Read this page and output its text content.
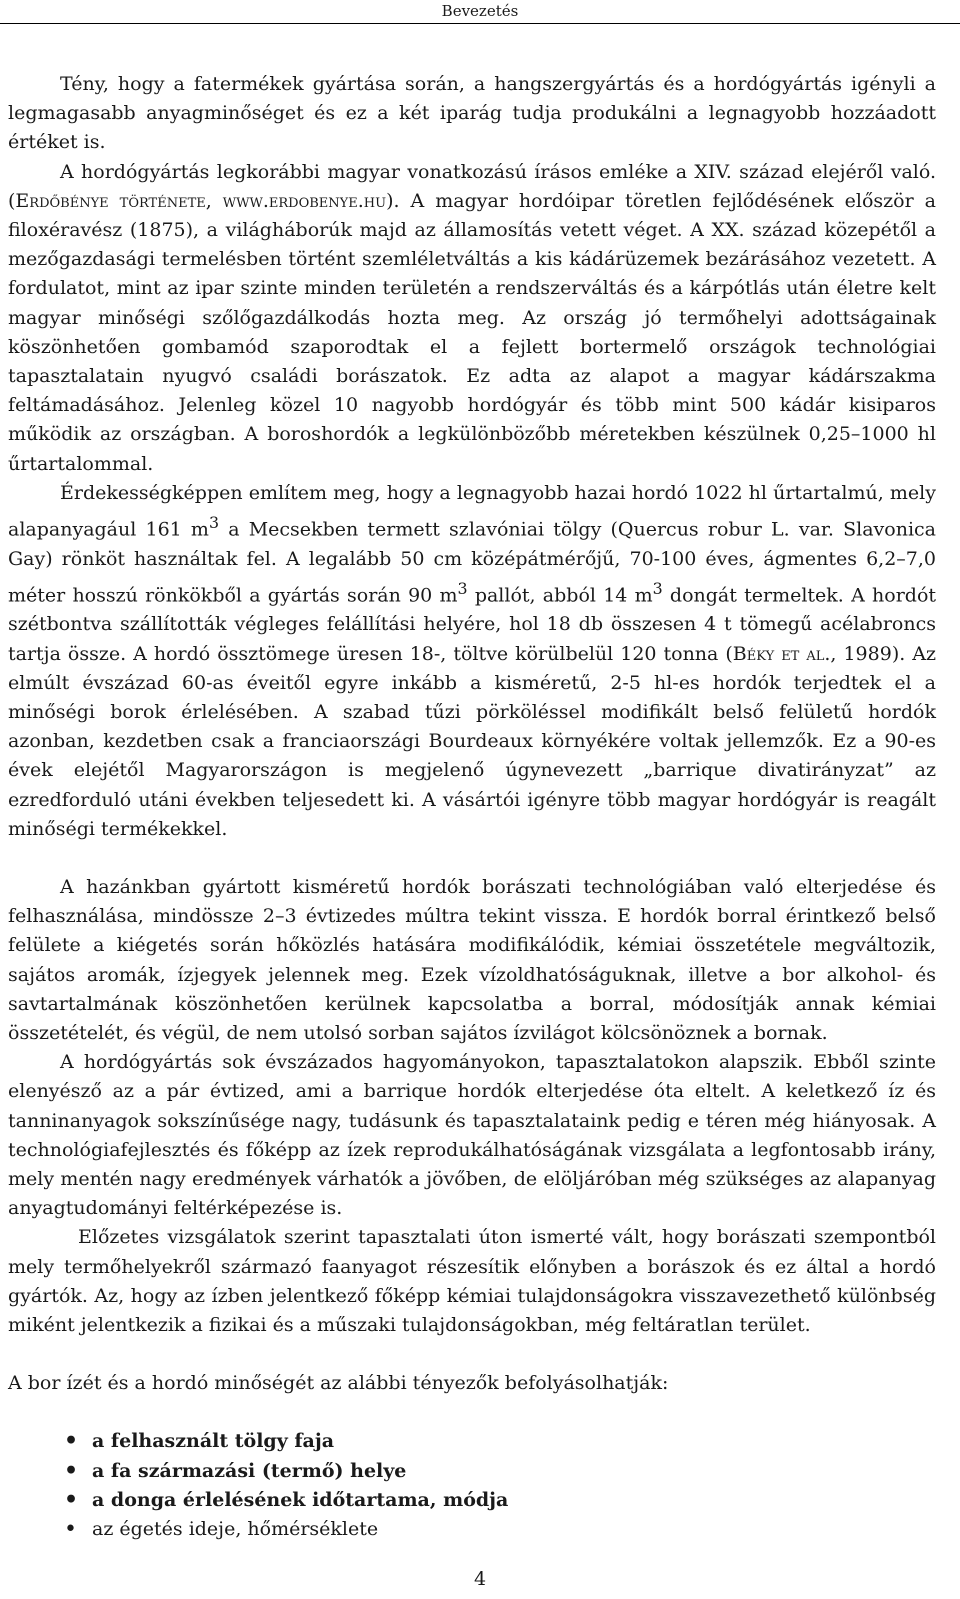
Bevezetés

Tény, hogy a fatermékek gyártása során, a hangszergyártás és a hordógyártás igényli a legmagasabb anyagminőséget és ez a két iparág tudja produkálni a legnagyobb hozzáadott értéket is.

A hordógyártás legkorábbi magyar vonatkozású írásos emléke a XIV. század elejéről való. (Erdőbénye története, www.erdobenye.hu). A magyar hordóipar töretlen fejlődésének először a filoxéravész (1875), a világháborúk majd az államosítás vetett véget. A XX. század közepétől a mezőgazdasági termelésben történt szemléletváltás a kis kádárüzemek bezárásához vezetett. A fordulatot, mint az ipar szinte minden területén a rendszerváltás és a kárpótlás után életre kelt magyar minőségi szőlőgazdálkodás hozta meg. Az ország jó termőhelyi adottságainak köszönhetően gombamód szaporodtak el a fejlett bortermelő országok technológiai tapasztalatain nyugvó családi borászatok. Ez adta az alapot a magyar kádárszakma feltámadásához. Jelenleg közel 10 nagyobb hordógyár és több mint 500 kádár kisiparos működik az országban. A boroshordók a legkülönbözőbb méretekben készülnek 0,25–1000 hl űrtartalommal.

Érdekességképpen említem meg, hogy a legnagyobb hazai hordó 1022 hl űrtartalmú, mely alapanyagául 161 $m^3$ a Mecsekben termett szlavóniai tölgy (Quercus robur L. var. Slavonica Gay) rönköt használtak fel. A legalább 50 cm középátmérőjű, 70-100 éves, ágmentes 6,2–7,0 méter hosszú rönkökből a gyártás során 90 $m^3$ pallót, abból 14 $m^3$ dongát termeltek. A hordót szétbontva szállították végleges felállítási helyére, hol 18 db összesen 4 t tömegű acélabroncs tartja össze. A hordó össztömege üresen 18-, töltve körülbelül 120 tonna (Béky et al., 1989). Az elmúlt évszázad 60-as éveitől egyre inkább a kisméretű, 2-5 hl-es hordók terjedtek el a minőségi borok érlelésében. A szabad tűzi pörköléssel modifikált belső felületű hordók azonban, kezdetben csak a franciaországi Bourdeaux környékére voltak jellemzők. Ez a 90-es évek elejétől Magyarországon is megjelenő úgynevezett „barrique divatirányzat” az ezredforduló utáni években teljesedett ki. A vásártói igényre több magyar hordógyár is reagált minőségi termékekkel.

A hazánkban gyártott kisméretű hordók borászati technológiában való elterjedése és felhasználása, mindössze 2–3 évtizedes múltra tekint vissza. E hordók borral érintkező belső felülete a kiégetés során hőközlés hatására modifikálódik, kémiai összetétele megváltozik, sajátos aromák, ízjegyek jelennek meg. Ezek vízoldhatóságuknak, illetve a bor alkohol- és savtartalmának köszönhetően kerülnek kapcsolatba a borral, módosítják annak kémiai összetételét, és végül, de nem utolsó sorban sajátos ízvilágot kölcsönöznek a bornak.

A hordógyártás sok évszázados hagyományokon, tapasztalatokon alapszik. Ebből szinte elenyésző az a pár évtized, ami a barrique hordók elterjedése óta eltelt. A keletkező íz és tanninanyagok sokszínűsége nagy, tudásunk és tapasztalataink pedig e téren még hiányosak. A technológiafejlesztés és főképp az ízek reprodukálhatóságának vizsgálata a legfontosabb irány, mely mentén nagy eredmények várhatók a jövőben, de elöljáróban még szükséges az alapanyag anyagtudományi feltérképezése is.

Előzetes vizsgálatok szerint tapasztalati úton ismerté vált, hogy borászati szempontból mely termőhelyekről származó faanyagot részesítik előnyben a borászok és ez által a hordó gyártók. Az, hogy az ízben jelentkező főképp kémiai tulajdonságokra visszavezethető különbség miként jelentkezik a fizikai és a műszaki tulajdonságokban, még feltáratlan terület.

A bor ízét és a hordó minőségét az alábbi tényezők befolyásolhatják:

• a felhasznált tölgy faja
• a fa származási (termő) helye
• a donga érlelésének időtartama, módja
• az égetés ideje, hőmérséklete
4
